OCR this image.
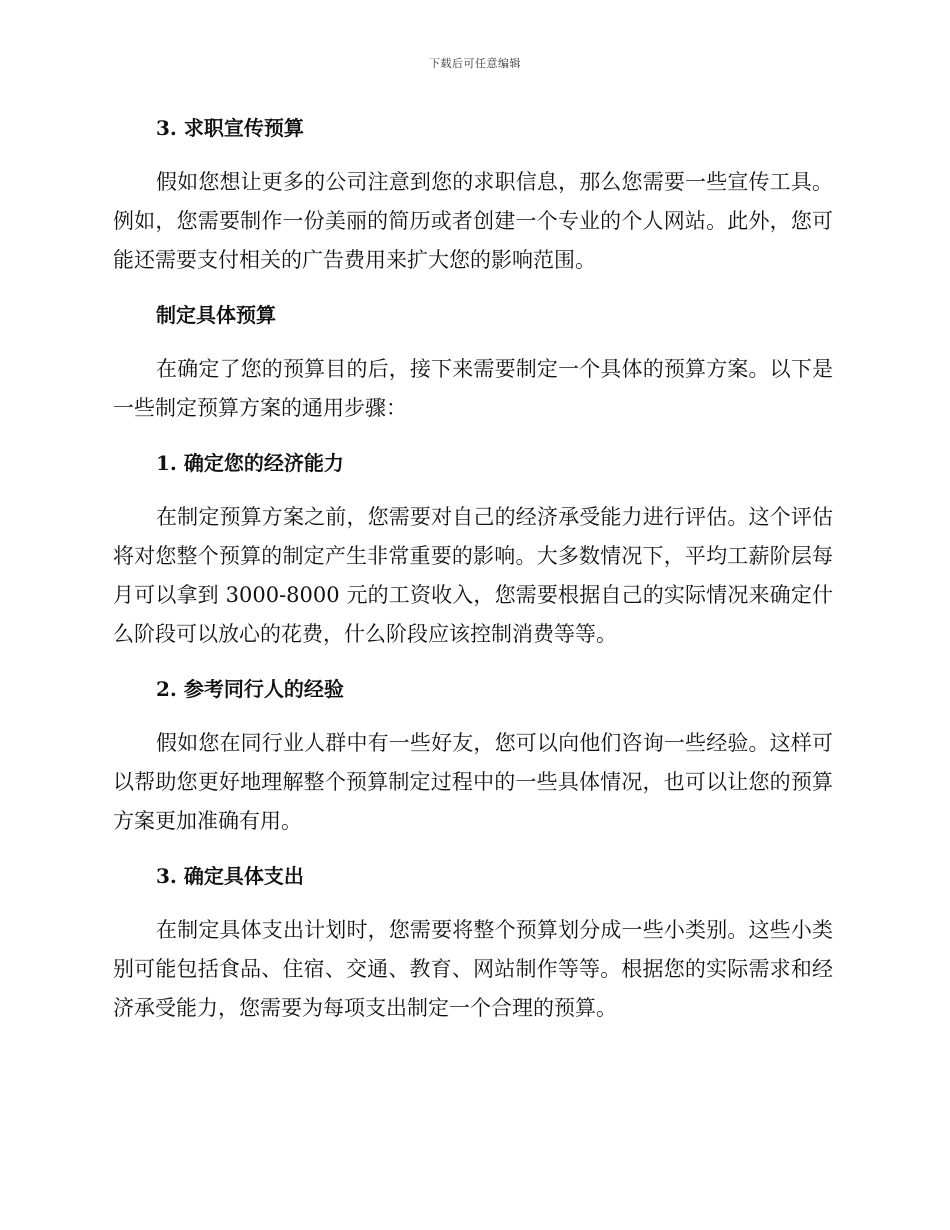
下载后可任意编辑
3. 求职宣传预算

假如您想让更多的公司注意到您的求职信息，那么您需要一些宣传工具。例如，您需要制作一份美丽的简历或者创建一个专业的个人网站。此外，您可能还需要支付相关的广告费用来扩大您的影响范围。

制定具体预算

在确定了您的预算目的后，接下来需要制定一个具体的预算方案。以下是一些制定预算方案的通用步骤：

1. 确定您的经济能力

在制定预算方案之前，您需要对自己的经济承受能力进行评估。这个评估将对您整个预算的制定产生非常重要的影响。大多数情况下，平均工薪阶层每月可以拿到 3000-8000 元的工资收入，您需要根据自己的实际情况来确定什么阶段可以放心的花费，什么阶段应该控制消费等等。

2. 参考同行人的经验

假如您在同行业人群中有一些好友，您可以向他们咨询一些经验。这样可以帮助您更好地理解整个预算制定过程中的一些具体情况，也可以让您的预算方案更加准确有用。

3. 确定具体支出

在制定具体支出计划时，您需要将整个预算划分成一些小类别。这些小类别可能包括食品、住宿、交通、教育、网站制作等等。根据您的实际需求和经济承受能力，您需要为每项支出制定一个合理的预算。
